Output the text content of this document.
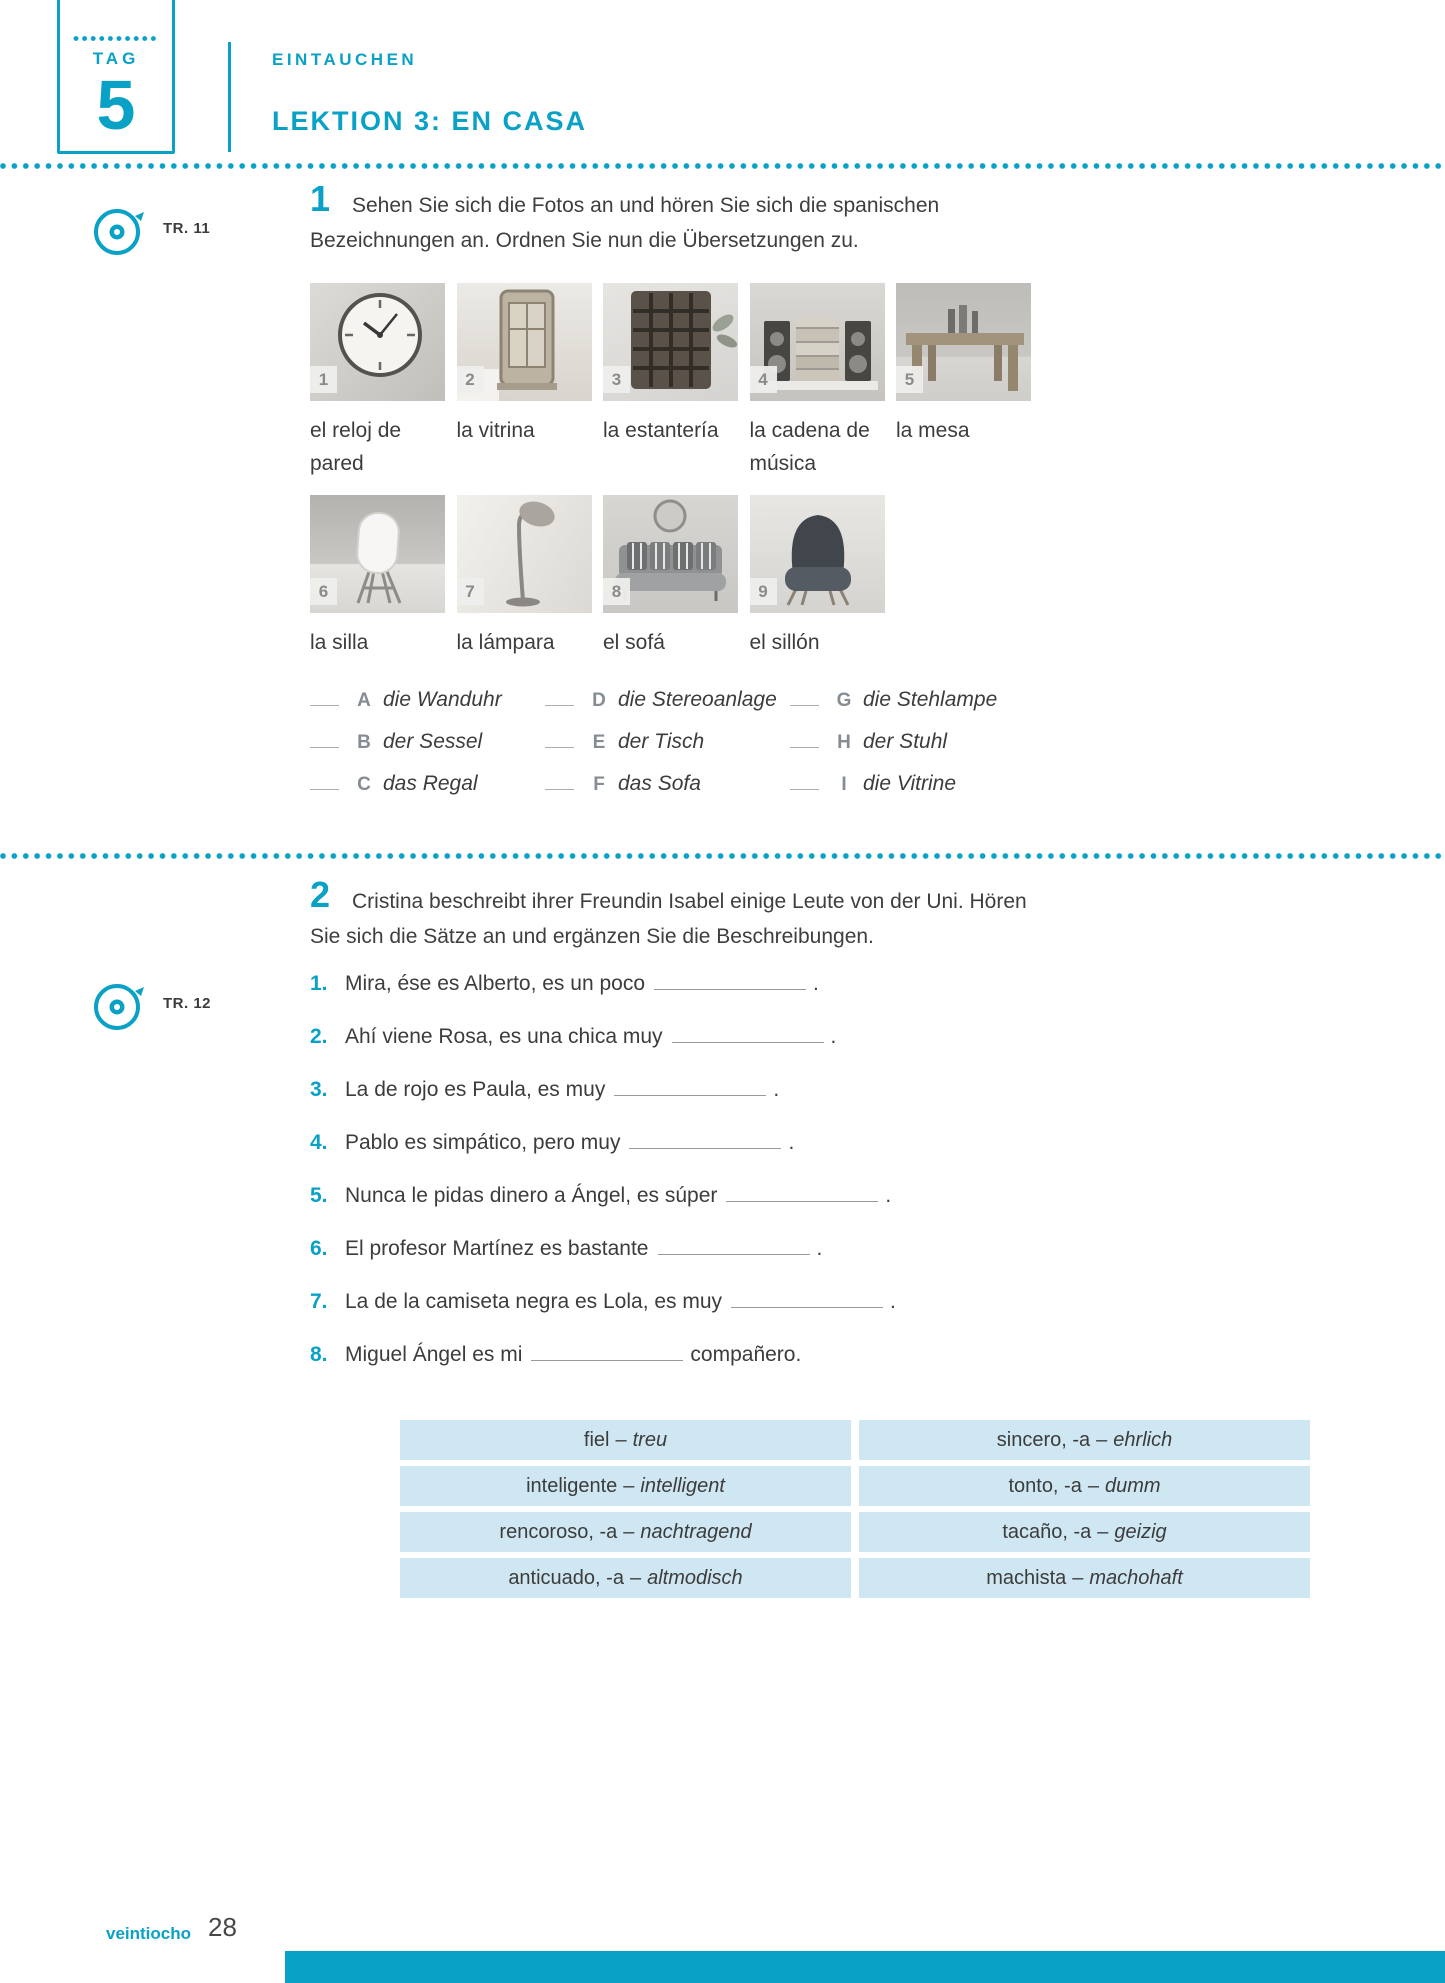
TAG
5
EINTAUCHEN
LEKTION 3: EN CASA
TR. 11

1 Sehen Sie sich die Fotos an und hören Sie sich die spanischen Bezeichnungen an. Ordnen Sie nun die Übersetzungen zu.

1
el reloj de pared
2
la vitrina
3
la estantería
4
la cadena de música
5
la mesa
6
la silla
7
la lámpara
8
el sofá
9
el sillón
A die Wanduhr
B der Sessel
C das Regal
D die Stereoanlage
E der Tisch
F das Sofa
G die Stehlampe
H der Stuhl
I die Vitrine

2 Cristina beschreibt ihrer Freundin Isabel einige Leute von der Uni. Hören Sie sich die Sätze an und ergänzen Sie die Beschreibungen.

TR. 12
1. Mira, ése es Alberto, es un poco	.
2. Ahí viene Rosa, es una chica muy	.
3. La de rojo es Paula, es muy	.
4. Pablo es simpático, pero muy	.
5. Nunca le pidas dinero a Ángel, es súper	.
6. El profesor Martínez es bastante	.
7. La de la camiseta negra es Lola, es muy	.
8. Miguel Ángel es mi	compañero.
fiel – treu	sincero, -a – ehrlich
inteligente – intelligent	tonto, -a – dumm
rencoroso, -a – nachtragend	tacaño, -a – geizig
anticuado, -a – altmodisch	machista – machohaft
veintiocho 28
